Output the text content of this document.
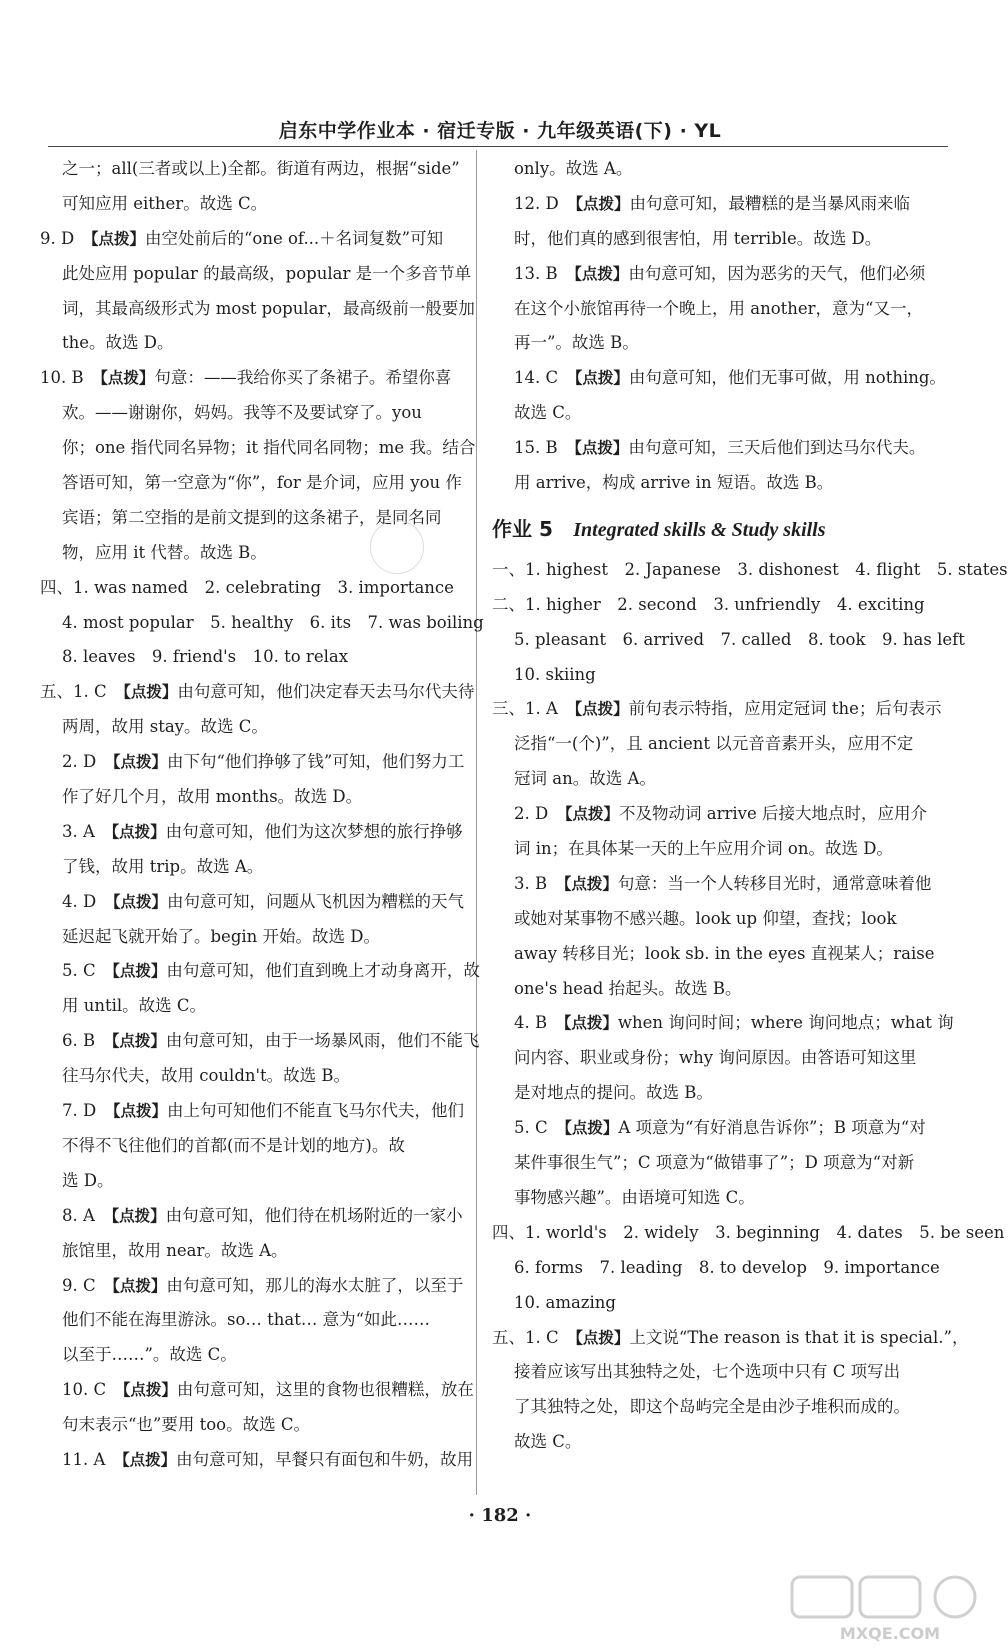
启东中学作业本 · 宿迁专版 · 九年级英语(下) · YL
之一；all(三者或以上)全都。街道有两边，根据“side”
可知应用 either。故选 C。
9. D　 【点拨】由空处前后的“one of...＋名词复数”可知
此处应用 popular 的最高级，popular 是一个多音节单
词，其最高级形式为 most popular，最高级前一般要加
the。故选 D。
10. B　 【点拨】句意：——我给你买了条裙子。希望你喜
欢。——谢谢你，妈妈。我等不及要试穿了。you
你；one 指代同名异物；it 指代同名同物；me 我。结合
答语可知，第一空意为“你”，for 是介词，应用 you 作
宾语；第二空指的是前文提到的这条裙子，是同名同
物，应用 it 代替。故选 B。
四、1. was named　2. celebrating　3. importance
4. most popular　5. healthy　6. its　7. was boiling
8. leaves　9. friend's　10. to relax
五、1. C　 【点拨】由句意可知，他们决定春天去马尔代夫待
两周，故用 stay。故选 C。
2. D　 【点拨】由下句“他们挣够了钱”可知，他们努力工
作了好几个月，故用 months。故选 D。
3. A　 【点拨】由句意可知，他们为这次梦想的旅行挣够
了钱，故用 trip。故选 A。
4. D　 【点拨】由句意可知，问题从飞机因为糟糕的天气
延迟起飞就开始了。begin 开始。故选 D。
5. C　 【点拨】由句意可知，他们直到晚上才动身离开，故
用 until。故选 C。
6. B　 【点拨】由句意可知，由于一场暴风雨，他们不能飞
往马尔代夫，故用 couldn't。故选 B。
7. D　 【点拨】由上句可知他们不能直飞马尔代夫，他们
不得不飞往他们的首都(而不是计划的地方)。故
选 D。
8. A　 【点拨】由句意可知，他们待在机场附近的一家小
旅馆里，故用 near。故选 A。
9. C　 【点拨】由句意可知，那儿的海水太脏了，以至于
他们不能在海里游泳。so… that… 意为“如此……
以至于……”。故选 C。
10. C　 【点拨】由句意可知，这里的食物也很糟糕，放在
句末表示“也”要用 too。故选 C。
11. A　 【点拨】由句意可知，早餐只有面包和牛奶，故用
only。故选 A。
12. D　 【点拨】由句意可知，最糟糕的是当暴风雨来临
时，他们真的感到很害怕，用 terrible。故选 D。
13. B　 【点拨】由句意可知，因为恶劣的天气，他们必须
在这个小旅馆再待一个晚上，用 another，意为“又一，
再一”。故选 B。
14. C　 【点拨】由句意可知，他们无事可做，用 nothing。
故选 C。
15. B　 【点拨】由句意可知，三天后他们到达马尔代夫。
用 arrive，构成 arrive in 短语。故选 B。
作业 5 Integrated skills & Study skills
一、1. highest　2. Japanese　3. dishonest　4. flight　5. states
二、1. higher　2. second　3. unfriendly　4. exciting
5. pleasant　6. arrived　7. called　8. took　9. has left
10. skiing
三、1. A　 【点拨】前句表示特指，应用定冠词 the；后句表示
泛指“一(个)”，且 ancient 以元音音素开头，应用不定
冠词 an。故选 A。
2. D　 【点拨】不及物动词 arrive 后接大地点时，应用介
词 in；在具体某一天的上午应用介词 on。故选 D。
3. B　 【点拨】句意：当一个人转移目光时，通常意味着他
或她对某事物不感兴趣。look up 仰望，查找；look
away 转移目光；look sb. in the eyes 直视某人；raise
one's head 抬起头。故选 B。
4. B　 【点拨】when 询问时间；where 询问地点；what 询
问内容、职业或身份；why 询问原因。由答语可知这里
是对地点的提问。故选 B。
5. C　 【点拨】A 项意为“有好消息告诉你”；B 项意为“对
某件事很生气”；C 项意为“做错事了”；D 项意为“对新
事物感兴趣”。由语境可知选 C。
四、1. world's　2. widely　3. beginning　4. dates　5. be seen
6. forms　7. leading　8. to develop　9. importance
10. amazing
五、1. C　 【点拨】上文说“The reason is that it is special.”，
接着应该写出其独特之处，七个选项中只有 C 项写出
了其独特之处，即这个岛屿完全是由沙子堆积而成的。
故选 C。
· 182 ·
MXQE.COM
